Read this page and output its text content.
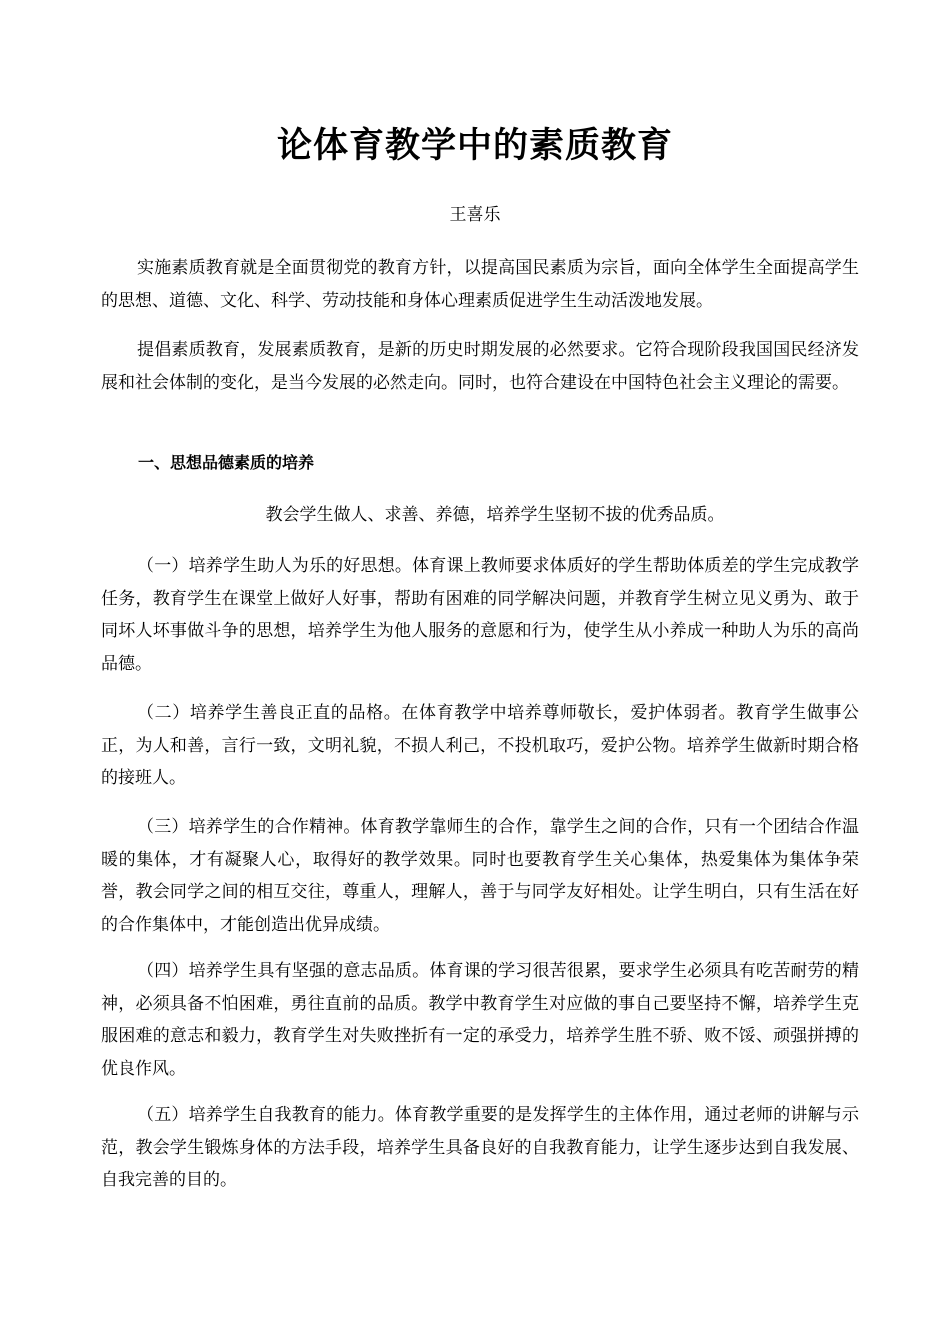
论体育教学中的素质教育
王喜乐

实施素质教育就是全面贯彻党的教育方针，以提高国民素质为宗旨，面向全体学生全面提高学生的思想、道德、文化、科学、劳动技能和身体心理素质促进学生生动活泼地发展。

提倡素质教育，发展素质教育，是新的历史时期发展的必然要求。它符合现阶段我国国民经济发展和社会体制的变化，是当今发展的必然走向。同时，也符合建设在中国特色社会主义理论的需要。

一、思想品德素质的培养
教会学生做人、求善、养德，培养学生坚韧不拔的优秀品质。

（一）培养学生助人为乐的好思想。体育课上教师要求体质好的学生帮助体质差的学生完成教学任务，教育学生在课堂上做好人好事，帮助有困难的同学解决问题，并教育学生树立见义勇为、敢于同坏人坏事做斗争的思想，培养学生为他人服务的意愿和行为，使学生从小养成一种助人为乐的高尚品德。

（二）培养学生善良正直的品格。在体育教学中培养尊师敬长，爱护体弱者。教育学生做事公正，为人和善，言行一致，文明礼貌，不损人利己，不投机取巧，爱护公物。培养学生做新时期合格的接班人。

（三）培养学生的合作精神。体育教学靠师生的合作，靠学生之间的合作，只有一个团结合作温暖的集体，才有凝聚人心，取得好的教学效果。同时也要教育学生关心集体，热爱集体为集体争荣誉，教会同学之间的相互交往，尊重人，理解人，善于与同学友好相处。让学生明白，只有生活在好的合作集体中，才能创造出优异成绩。

（四）培养学生具有坚强的意志品质。体育课的学习很苦很累，要求学生必须具有吃苦耐劳的精神，必须具备不怕困难，勇往直前的品质。教学中教育学生对应做的事自己要坚持不懈，培养学生克服困难的意志和毅力，教育学生对失败挫折有一定的承受力，培养学生胜不骄、败不馁、顽强拼搏的优良作风。

（五）培养学生自我教育的能力。体育教学重要的是发挥学生的主体作用，通过老师的讲解与示范，教会学生锻炼身体的方法手段，培养学生具备良好的自我教育能力，让学生逐步达到自我发展、自我完善的目的。
